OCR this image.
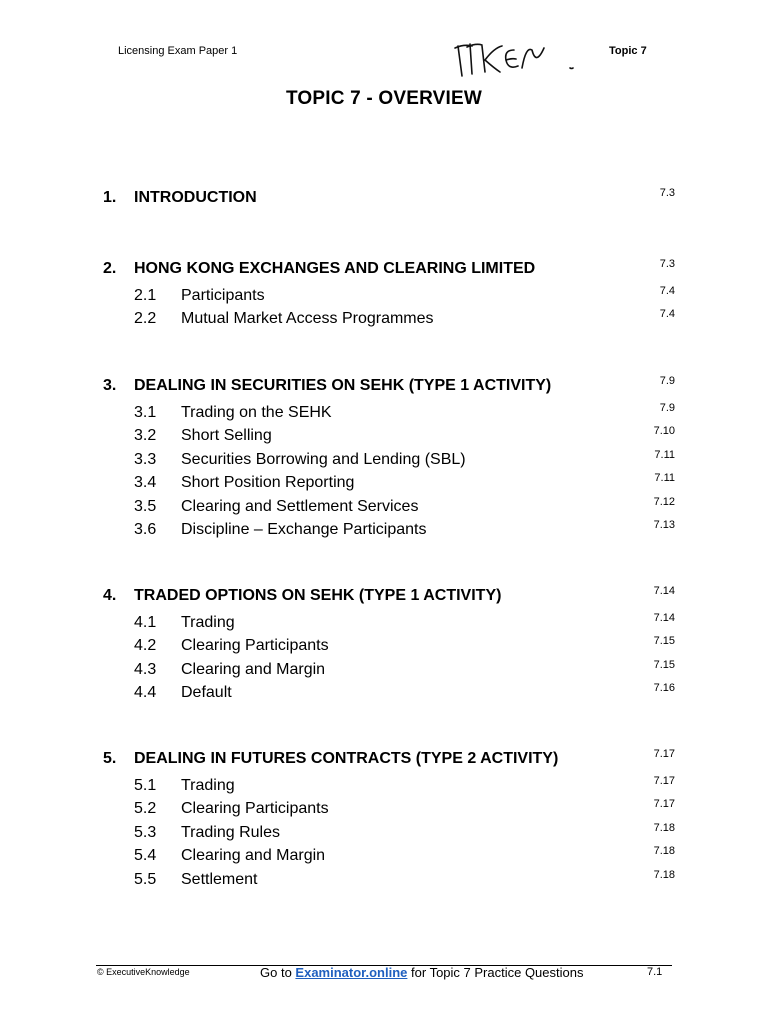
Licensing Exam Paper 1	Topic 7
TOPIC 7 - OVERVIEW
1. INTRODUCTION	7.3
2. HONG KONG EXCHANGES AND CLEARING LIMITED	7.3
2.1 Participants	7.4
2.2 Mutual Market Access Programmes	7.4
3. DEALING IN SECURITIES ON SEHK (TYPE 1 ACTIVITY)	7.9
3.1 Trading on the SEHK	7.9
3.2 Short Selling	7.10
3.3 Securities Borrowing and Lending (SBL)	7.11
3.4 Short Position Reporting	7.11
3.5 Clearing and Settlement Services	7.12
3.6 Discipline – Exchange Participants	7.13
4. TRADED OPTIONS ON SEHK (TYPE 1 ACTIVITY)	7.14
4.1 Trading	7.14
4.2 Clearing Participants	7.15
4.3 Clearing and Margin	7.15
4.4 Default	7.16
5. DEALING IN FUTURES CONTRACTS (TYPE 2 ACTIVITY)	7.17
5.1 Trading	7.17
5.2 Clearing Participants	7.17
5.3 Trading Rules	7.18
5.4 Clearing and Margin	7.18
5.5 Settlement	7.18
© ExecutiveKnowledge	Go to Examinator.online for Topic 7 Practice Questions	7.1
